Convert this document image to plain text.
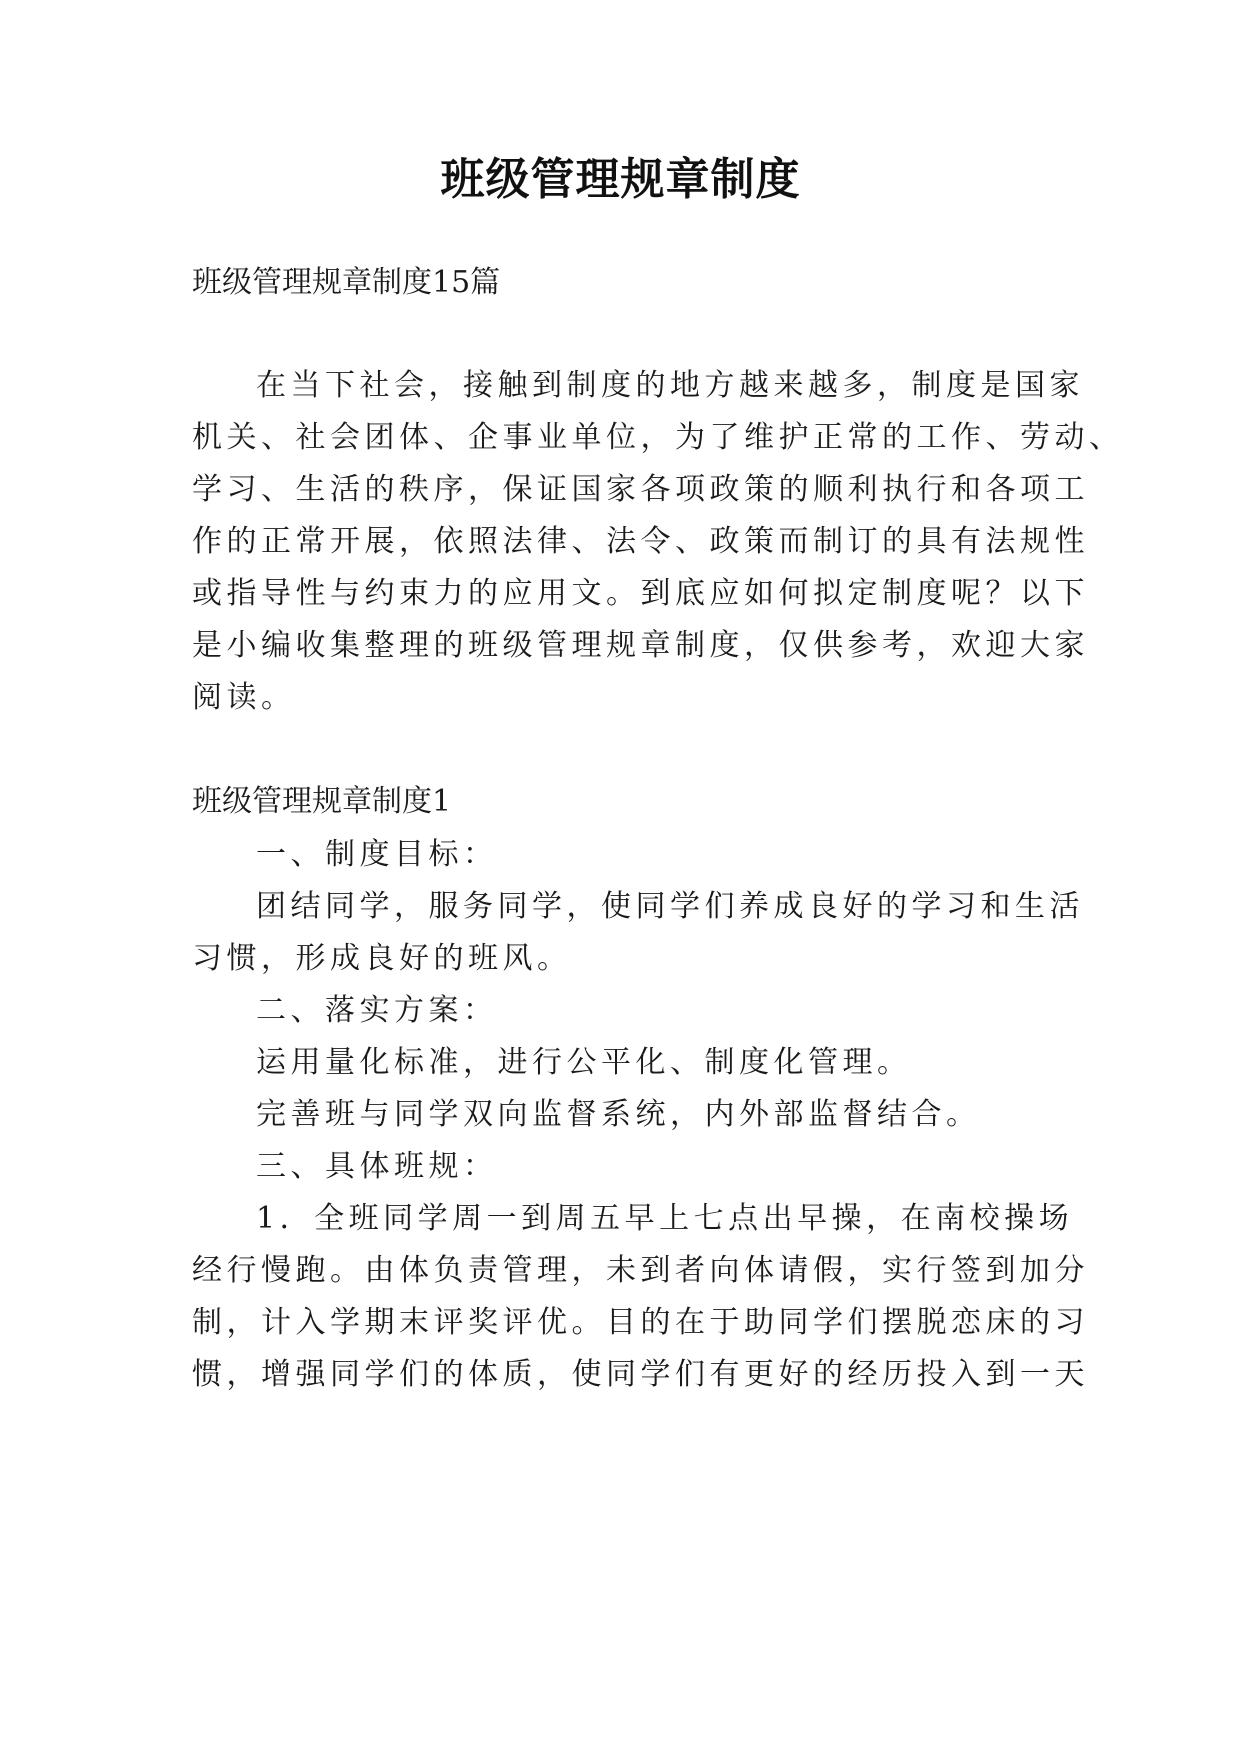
班级管理规章制度
班级管理规章制度15篇
在当下社会，接触到制度的地方越来越多，制度是国家
机关、社会团体、企事业单位，为了维护正常的工作、劳动、
学习、生活的秩序，保证国家各项政策的顺利执行和各项工
作的正常开展，依照法律、法令、政策而制订的具有法规性
或指导性与约束力的应用文。到底应如何拟定制度呢？以下
是小编收集整理的班级管理规章制度，仅供参考，欢迎大家
阅读。
班级管理规章制度1
一、制度目标：
团结同学，服务同学，使同学们养成良好的学习和生活
习惯，形成良好的班风。
二、落实方案：
运用量化标准，进行公平化、制度化管理。
完善班与同学双向监督系统，内外部监督结合。
三、具体班规：
1．全班同学周一到周五早上七点出早操，在南校操场
经行慢跑。由体负责管理，未到者向体请假，实行签到加分
制，计入学期末评奖评优。目的在于助同学们摆脱恋床的习
惯，增强同学们的体质，使同学们有更好的经历投入到一天
